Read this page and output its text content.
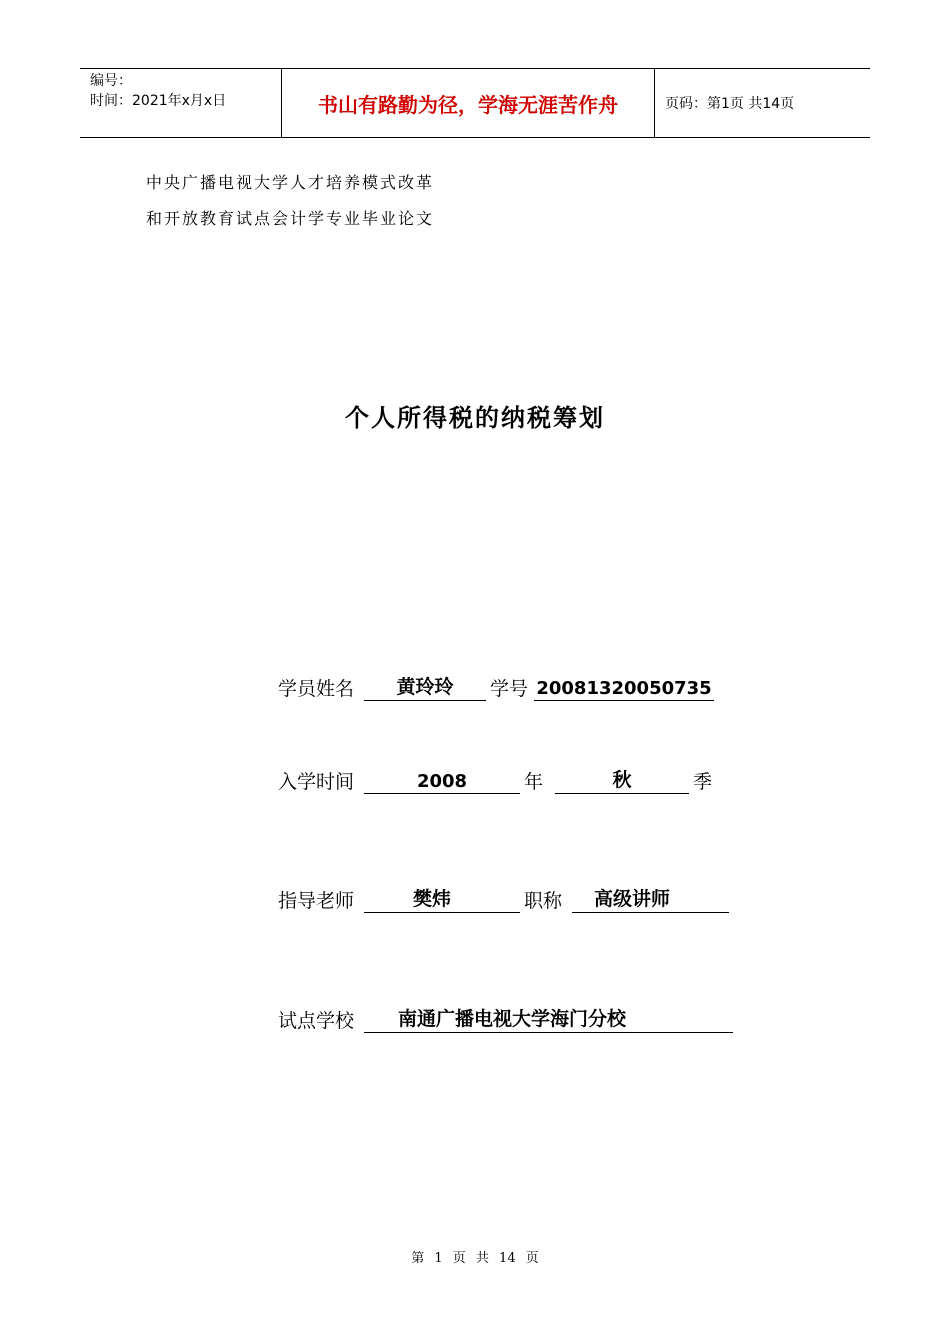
编号：
时间：2021年x月x日	书山有路勤为径，学海无涯苦作舟	页码：第1页 共14页
中央广播电视大学人才培养模式改革
和开放教育试点会计学专业毕业论文
个人所得税的纳税筹划
学员姓名	黄玲玲	学号 20081320050735
入学时间	2008	年	秋	季
指导老师	樊炜	职称	高级讲师
试点学校	南通广播电视大学海门分校
第 1 页 共 14 页
